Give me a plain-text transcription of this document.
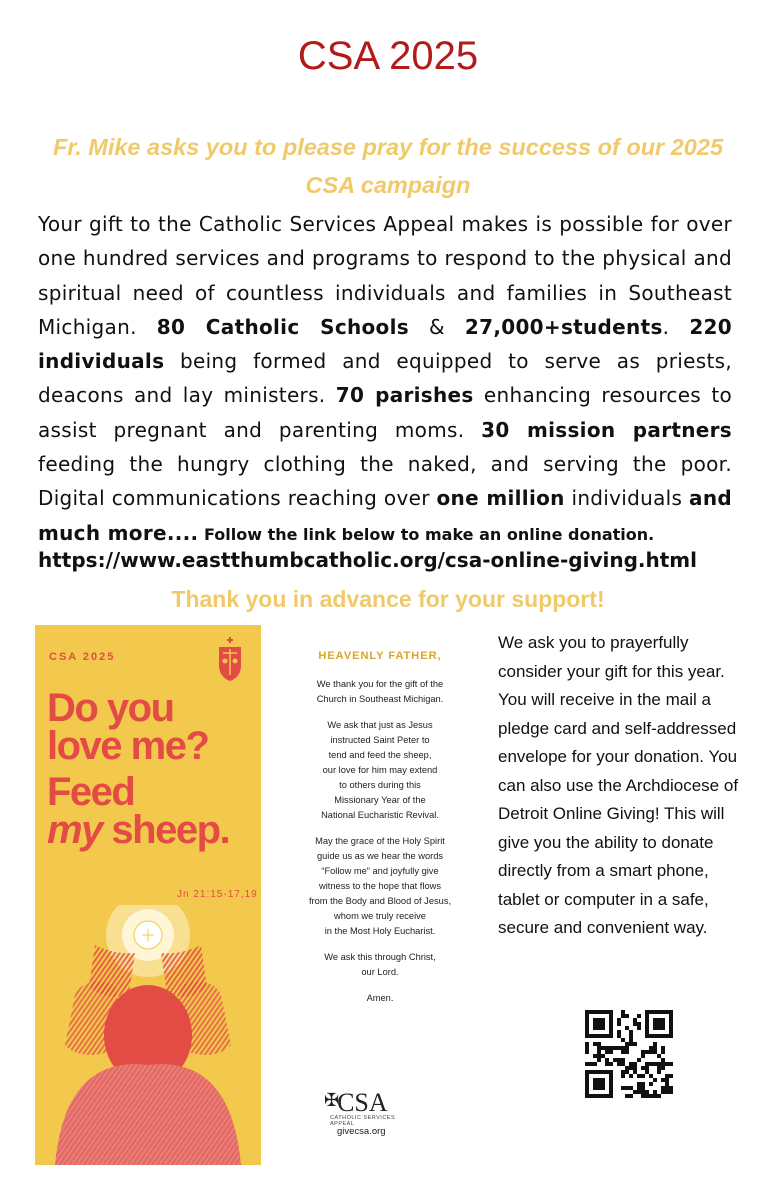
CSA 2025

Fr. Mike asks you to please pray for the success of our 2025 CSA campaign

Your gift to the Catholic Services Appeal makes is possible for over one hundred services and programs to respond to the physical and spiritual need of countless individuals and families in Southeast Michigan. 80 Catholic Schools & 27,000+students. 220 individuals being formed and equipped to serve as priests, deacons and lay ministers. 70 parishes enhancing resources to assist pregnant and parenting moms. 30 mission partners feeding the hungry clothing the naked, and serving the poor. Digital communications reaching over one million individuals and much more.... Follow the link below to make an online donation.

https://www.eastthumbcatholic.org/csa-online-giving.html

Thank you in advance for your support!

CSA 2025
Do you
love me?
Feed
my sheep.
Jn 21:15-17,19
HEAVENLY FATHER,

We thank you for the gift of the
Church in Southeast Michigan.

We ask that just as Jesus
instructed Saint Peter to
tend and feed the sheep,
our love for him may extend
to others during this
Missionary Year of the
National Eucharistic Revival.

May the grace of the Holy Spirit
guide us as we hear the words
“Follow me” and joyfully give
witness to the hope that flows
from the Body and Blood of Jesus,
whom we truly receive
in the Most Holy Eucharist.

We ask this through Christ,
our Lord.

Amen.

✠CSA
CATHOLIC SERVICES APPEAL
givecsa.org

We ask you to prayerfully consider your gift for this year. You will receive in the mail a pledge card and self-addressed envelope for your donation. You can also use the Archdiocese of Detroit Online Giving! This will give you the ability to donate directly from a smart phone, tablet or computer in a safe, secure and convenient way.
